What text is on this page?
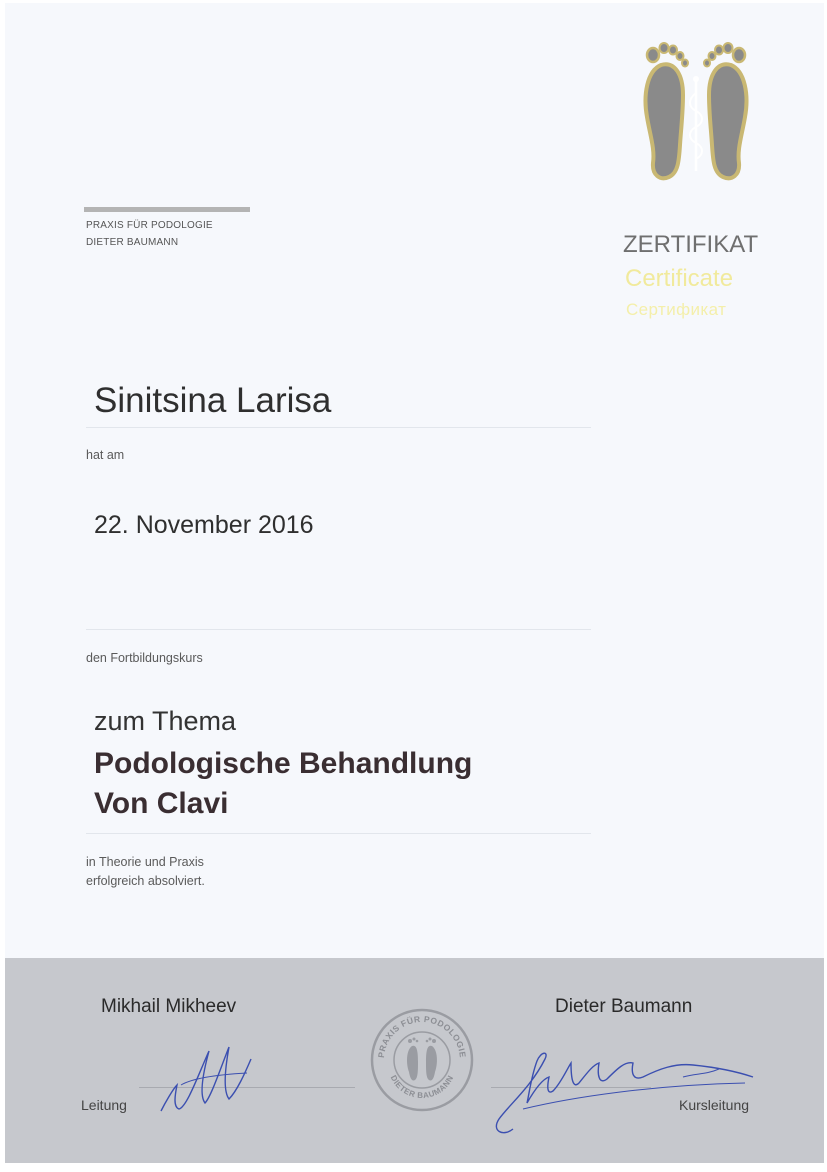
PRAXIS FÜR PODOLOGIE
DIETER BAUMANN	ZERTIFIKAT
Certificate
Сертификат
Sinitsina Larisa
hat am
22. November 2016
den Fortbildungskurs
zum Thema
Podologische Behandlung
Von Clavi
in Theorie und Praxis
erfolgreich absolviert.
Mikhail Mikheev	Dieter Baumann
Leitung	Kursleitung
PRAXIS FÜR PODOLOGIE
DIETER BAUMANN
